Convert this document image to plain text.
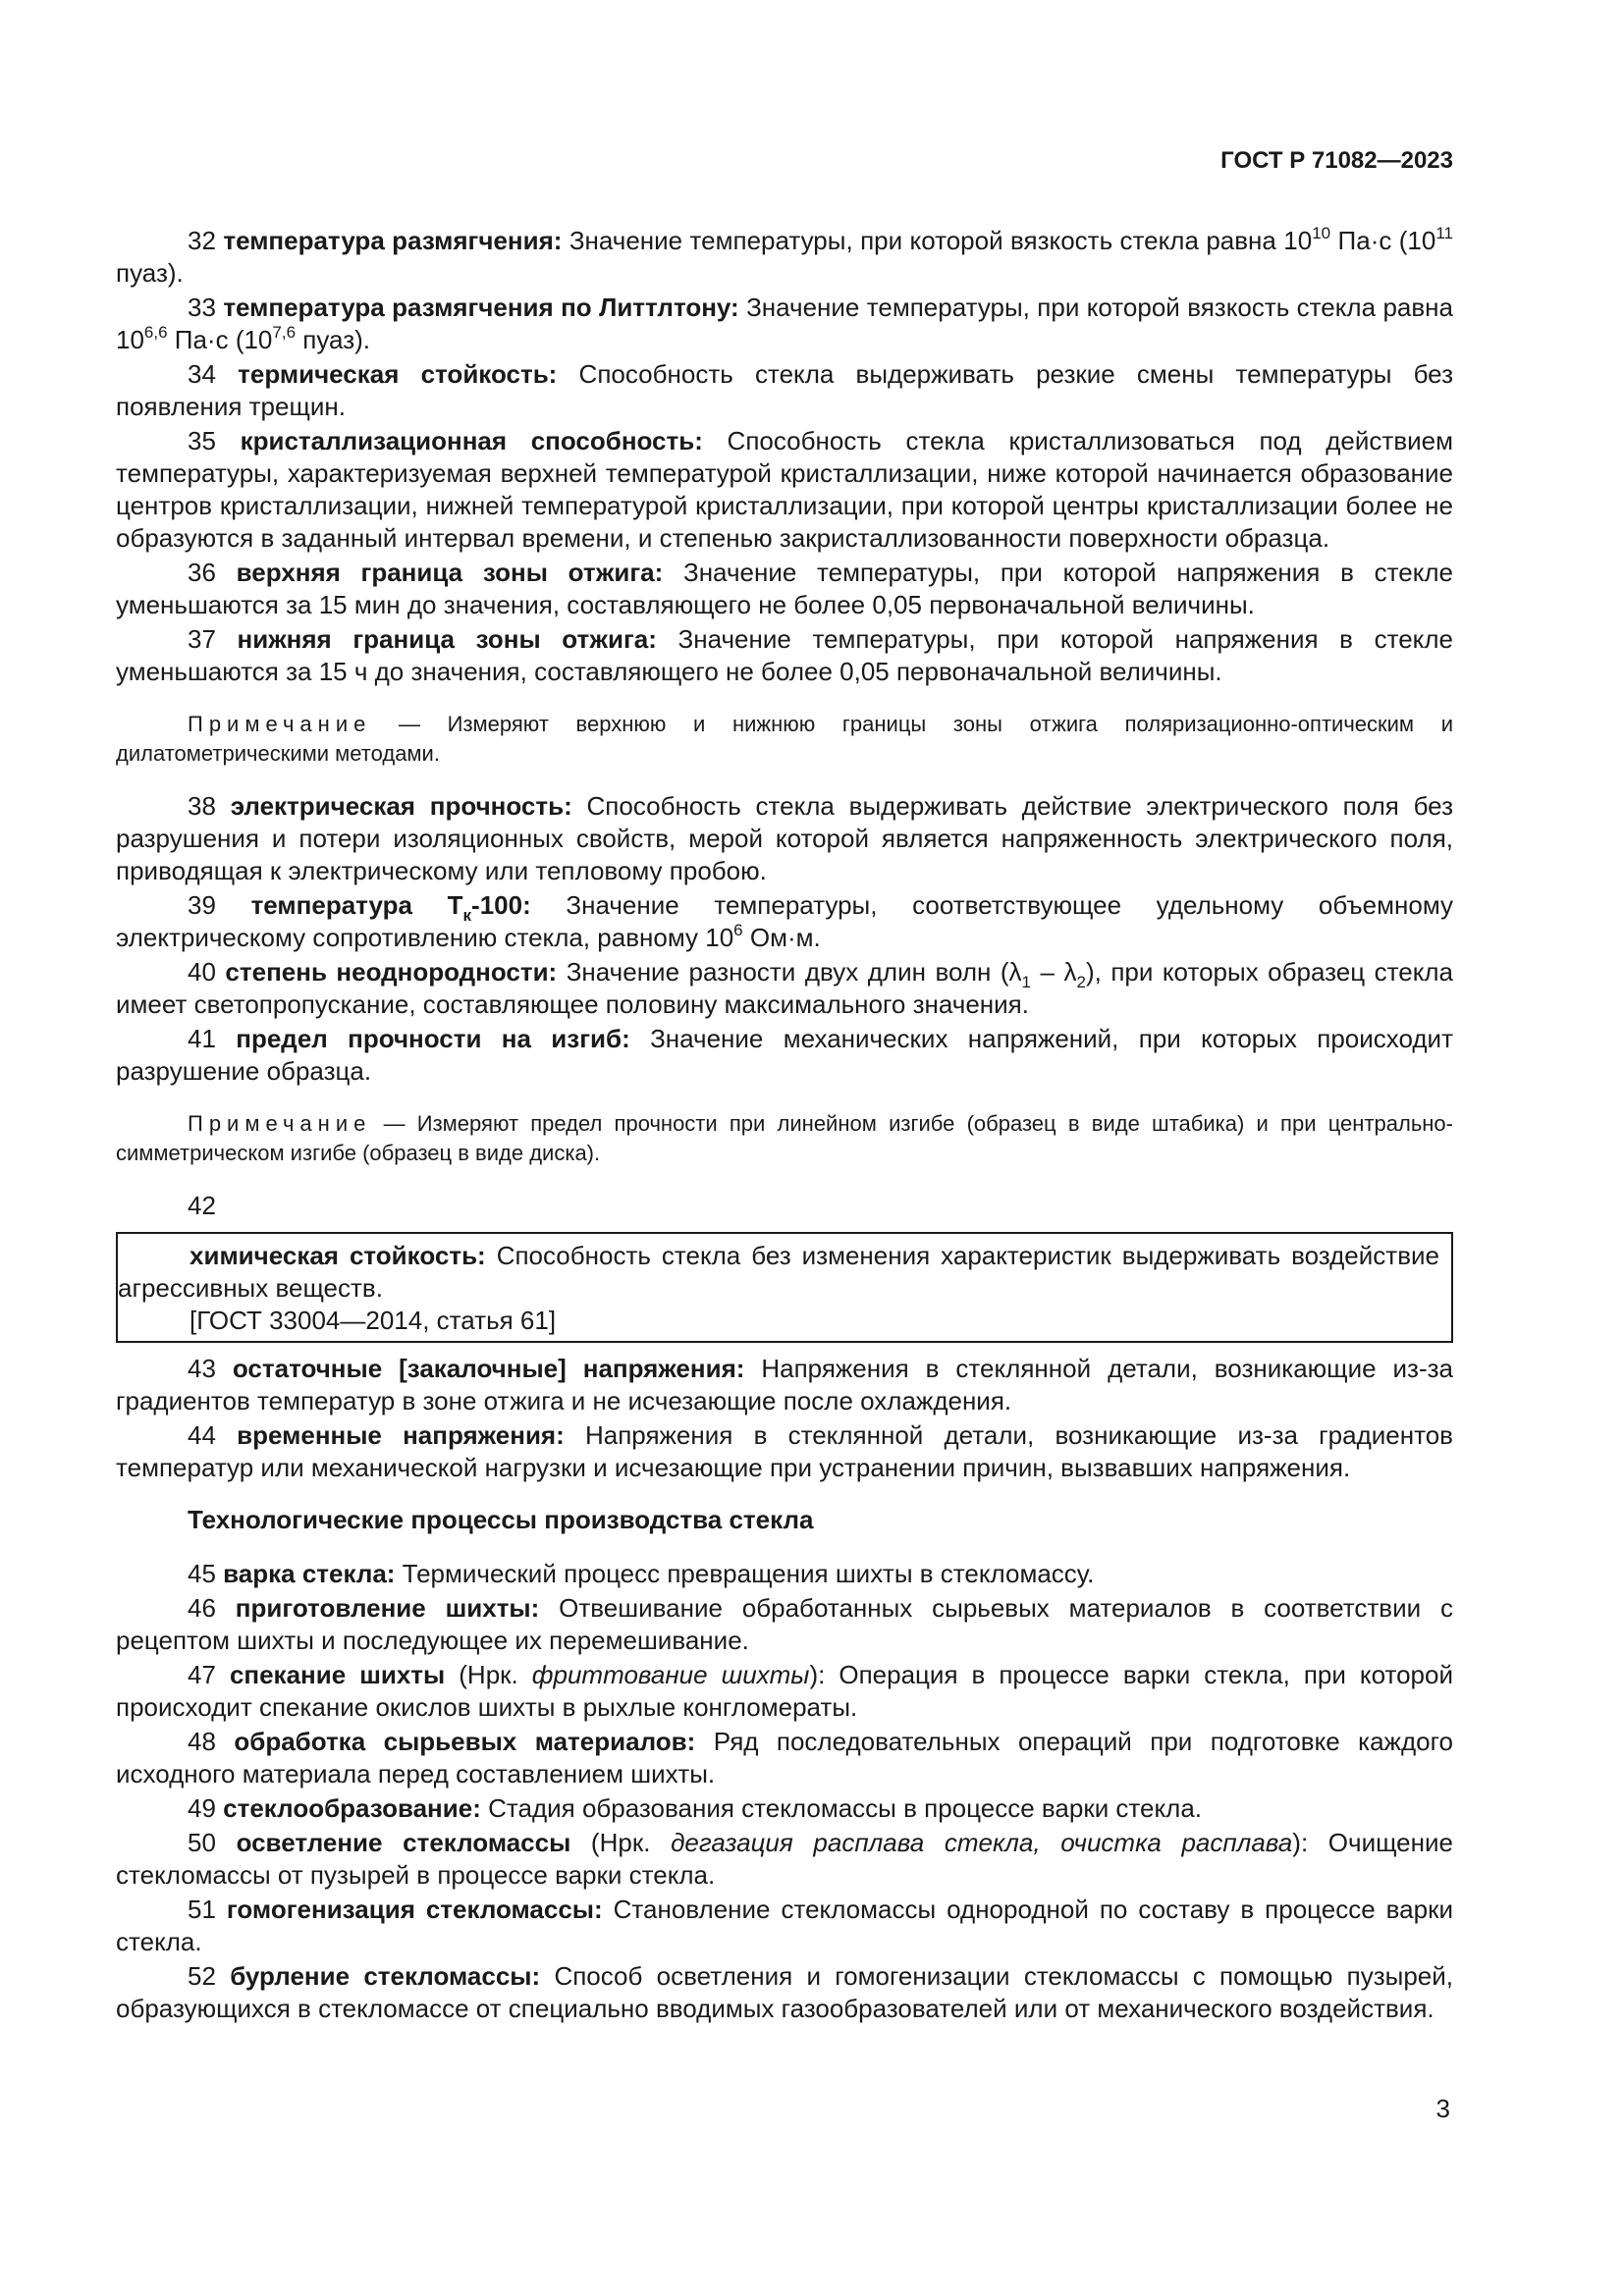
ГОСТ Р 71082—2023

32 температура размягчения: Значение температуры, при которой вязкость стекла равна $10^{10}$ Па·с ($10^{11}$ пуаз).

33 температура размягчения по Литтлтону: Значение температуры, при которой вязкость стекла равна 10$^{6,6}$ Па·с (10$^{7,6}$ пуаз).

34 термическая стойкость: Способность стекла выдерживать резкие смены температуры без появления трещин.

35 кристаллизационная способность: Способность стекла кристаллизоваться под действием температуры, характеризуемая верхней температурой кристаллизации, ниже которой начинается образование центров кристаллизации, нижней температурой кристаллизации, при которой центры кристаллизации более не образуются в заданный интервал времени, и степенью закристаллизованности поверхности образца.

36 верхняя граница зоны отжига: Значение температуры, при которой напряжения в стекле уменьшаются за 15 мин до значения, составляющего не более 0,05 первоначальной величины.

37 нижняя граница зоны отжига: Значение температуры, при которой напряжения в стекле уменьшаются за 15 ч до значения, составляющего не более 0,05 первоначальной величины.

Примечание — Измеряют верхнюю и нижнюю границы зоны отжига поляризационно-оптическим и дилатометрическими методами.

38 электрическая прочность: Способность стекла выдерживать действие электрического поля без разрушения и потери изоляционных свойств, мерой которой является напряженность электрического поля, приводящая к электрическому или тепловому пробою.

39 температура $Т_к-100$: Значение температуры, соответствующее удельному объемному электрическому сопротивлению стекла, равному $10^6$ Ом·м.

40 степень неоднородности: Значение разности двух длин волн $(\lambda_1 - \lambda_2)$, при которых образец стекла имеет светопропускание, составляющее половину максимального значения.

41 предел прочности на изгиб: Значение механических напряжений, при которых происходит разрушение образца.

Примечание — Измеряют предел прочности при линейном изгибе (образец в виде штабика) и при центрально-симметрическом изгибе (образец в виде диска).

42

химическая стойкость: Способность стекла без изменения характеристик выдерживать воздействие агрессивных веществ.

[ГОСТ 33004—2014, статья 61]

43 остаточные [закалочные] напряжения: Напряжения в стеклянной детали, возникающие из-за градиентов температур в зоне отжига и не исчезающие после охлаждения.

44 временные напряжения: Напряжения в стеклянной детали, возникающие из-за градиентов температур или механической нагрузки и исчезающие при устранении причин, вызвавших напряжения.

Технологические процессы производства стекла

45 варка стекла: Термический процесс превращения шихты в стекломассу.

46 приготовление шихты: Отвешивание обработанных сырьевых материалов в соответствии с рецептом шихты и последующее их перемешивание.

47 спекание шихты (Нрк. фриттование шихты): Операция в процессе варки стекла, при которой происходит спекание окислов шихты в рыхлые конгломераты.

48 обработка сырьевых материалов: Ряд последовательных операций при подготовке каждого исходного материала перед составлением шихты.

49 стеклообразование: Стадия образования стекломассы в процессе варки стекла.

50 осветление стекломассы (Нрк. дегазация расплава стекла, очистка расплава): Очищение стекломассы от пузырей в процессе варки стекла.

51 гомогенизация стекломассы: Становление стекломассы однородной по составу в процессе варки стекла.

52 бурление стекломассы: Способ осветления и гомогенизации стекломассы с помощью пузырей, образующихся в стекломассе от специально вводимых газообразователей или от механического воздействия.

3
